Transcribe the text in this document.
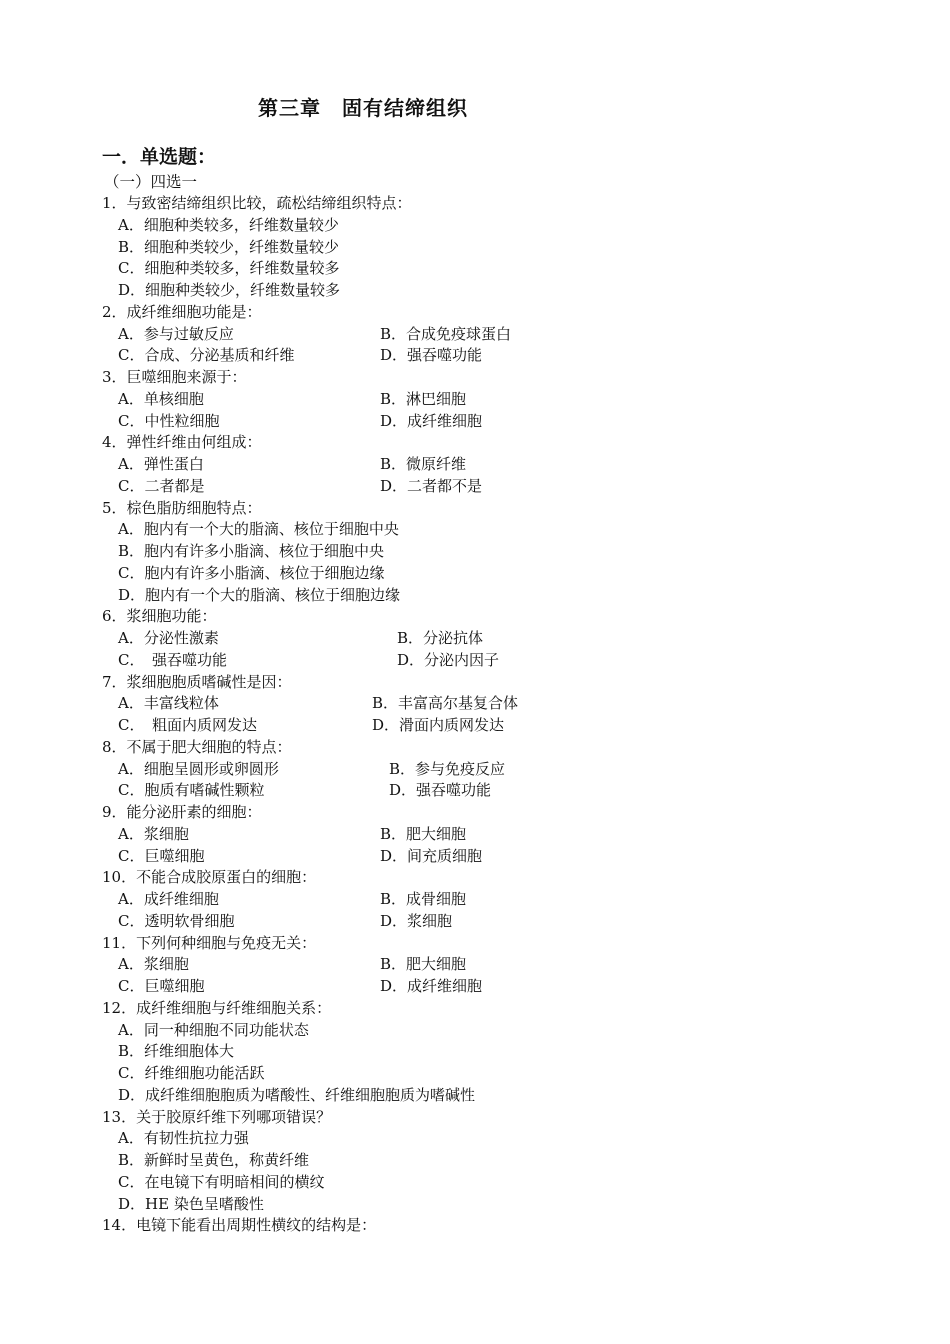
第三章　固有结缔组织
一．单选题：
（一）四选一
1．与致密结缔组织比较，疏松结缔组织特点：
A．细胞种类较多，纤维数量较少
B．细胞种类较少，纤维数量较少
C．细胞种类较多，纤维数量较多
D．细胞种类较少，纤维数量较多
2．成纤维细胞功能是：
A．参与过敏反应	B．合成免疫球蛋白
C．合成、分泌基质和纤维	D．强吞噬功能
3．巨噬细胞来源于：
A．单核细胞	B．淋巴细胞
C．中性粒细胞	D．成纤维细胞
4．弹性纤维由何组成：
A．弹性蛋白	B．微原纤维
C．二者都是	D．二者都不是
5．棕色脂肪细胞特点：
A．胞内有一个大的脂滴、核位于细胞中央
B．胞内有许多小脂滴、核位于细胞中央
C．胞内有许多小脂滴、核位于细胞边缘
D．胞内有一个大的脂滴、核位于细胞边缘
6．浆细胞功能：
A．分泌性激素	B．分泌抗体
C．　强吞噬功能	D．分泌内因子
7．浆细胞胞质嗜碱性是因：
A．丰富线粒体	B．丰富高尔基复合体
C．　粗面内质网发达	D．滑面内质网发达
8．不属于肥大细胞的特点：
A．细胞呈圆形或卵圆形	B．参与免疫反应
C．胞质有嗜碱性颗粒	D．强吞噬功能
9．能分泌肝素的细胞：
A．浆细胞	B．肥大细胞
C．巨噬细胞	D．间充质细胞
10．不能合成胶原蛋白的细胞：
A．成纤维细胞	B．成骨细胞
C．透明软骨细胞	D．浆细胞
11．下列何种细胞与免疫无关：
A．浆细胞	B．肥大细胞
C．巨噬细胞	D．成纤维细胞
12．成纤维细胞与纤维细胞关系：
A．同一种细胞不同功能状态
B．纤维细胞体大
C．纤维细胞功能活跃
D．成纤维细胞胞质为嗜酸性、纤维细胞胞质为嗜碱性
13．关于胶原纤维下列哪项错误？
A．有韧性抗拉力强
B．新鲜时呈黄色，称黄纤维
C．在电镜下有明暗相间的横纹
D．HE 染色呈嗜酸性
14．电镜下能看出周期性横纹的结构是：
